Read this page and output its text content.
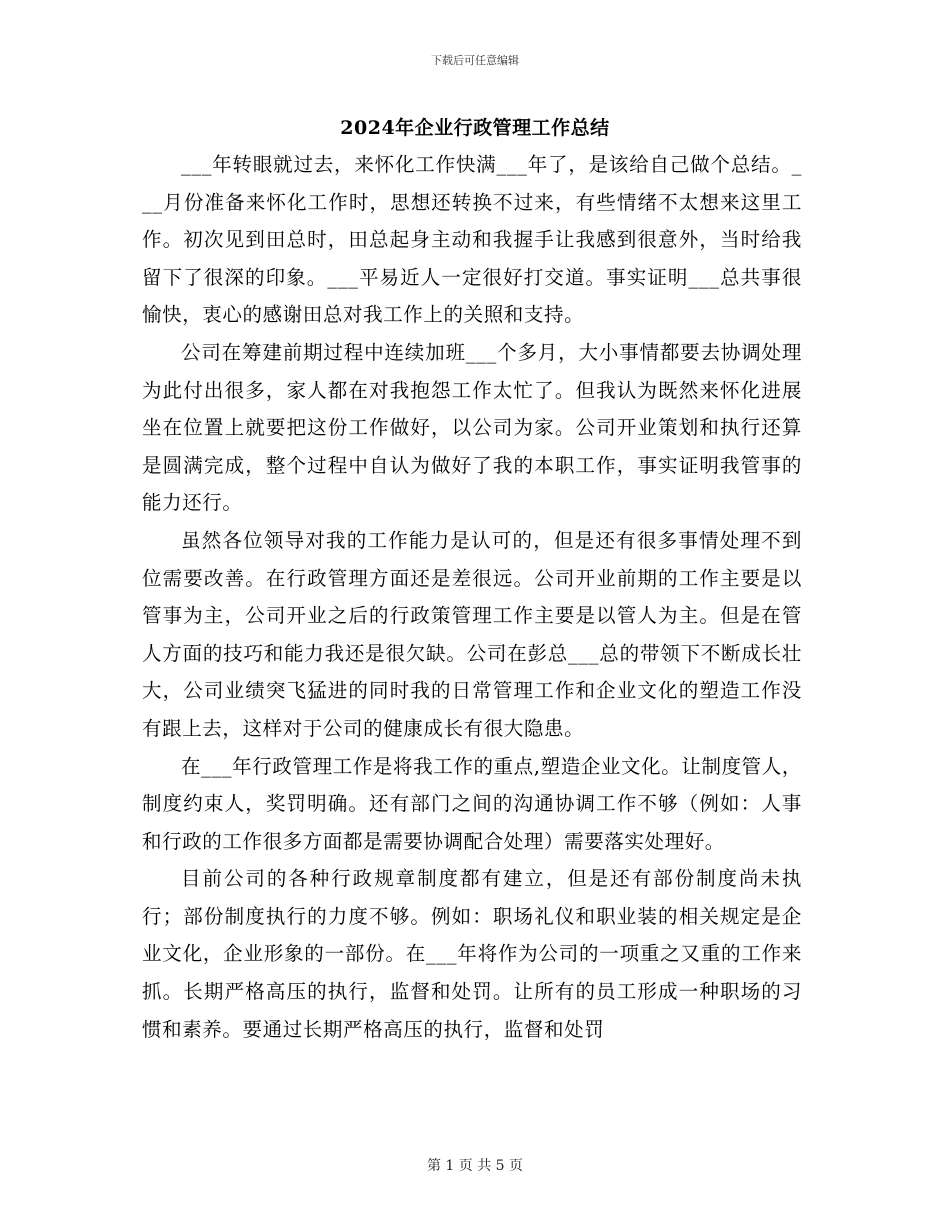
下载后可任意编辑
2024年企业行政管理工作总结

___年转眼就过去，来怀化工作快满___年了，是该给自己做个总结。___月份准备来怀化工作时，思想还转换不过来，有些情绪不太想来这里工作。初次见到田总时，田总起身主动和我握手让我感到很意外，当时给我留下了很深的印象。___平易近人一定很好打交道。事实证明___总共事很愉快，衷心的感谢田总对我工作上的关照和支持。

公司在筹建前期过程中连续加班___个多月，大小事情都要去协调处理为此付出很多，家人都在对我抱怨工作太忙了。但我认为既然来怀化进展坐在位置上就要把这份工作做好，以公司为家。公司开业策划和执行还算是圆满完成，整个过程中自认为做好了我的本职工作，事实证明我管事的能力还行。

虽然各位领导对我的工作能力是认可的，但是还有很多事情处理不到位需要改善。在行政管理方面还是差很远。公司开业前期的工作主要是以管事为主，公司开业之后的行政策管理工作主要是以管人为主。但是在管人方面的技巧和能力我还是很欠缺。公司在彭总___总的带领下不断成长壮大，公司业绩突飞猛进的同时我的日常管理工作和企业文化的塑造工作没有跟上去，这样对于公司的健康成长有很大隐患。

在___年行政管理工作是将我工作的重点,塑造企业文化。让制度管人，制度约束人，奖罚明确。还有部门之间的沟通协调工作不够（例如：人事和行政的工作很多方面都是需要协调配合处理）需要落实处理好。

目前公司的各种行政规章制度都有建立，但是还有部份制度尚未执行；部份制度执行的力度不够。例如：职场礼仪和职业装的相关规定是企业文化，企业形象的一部份。在___年将作为公司的一项重之又重的工作来抓。长期严格高压的执行，监督和处罚。让所有的员工形成一种职场的习惯和素养。要通过长期严格高压的执行，监督和处罚

第 1 页 共 5 页
